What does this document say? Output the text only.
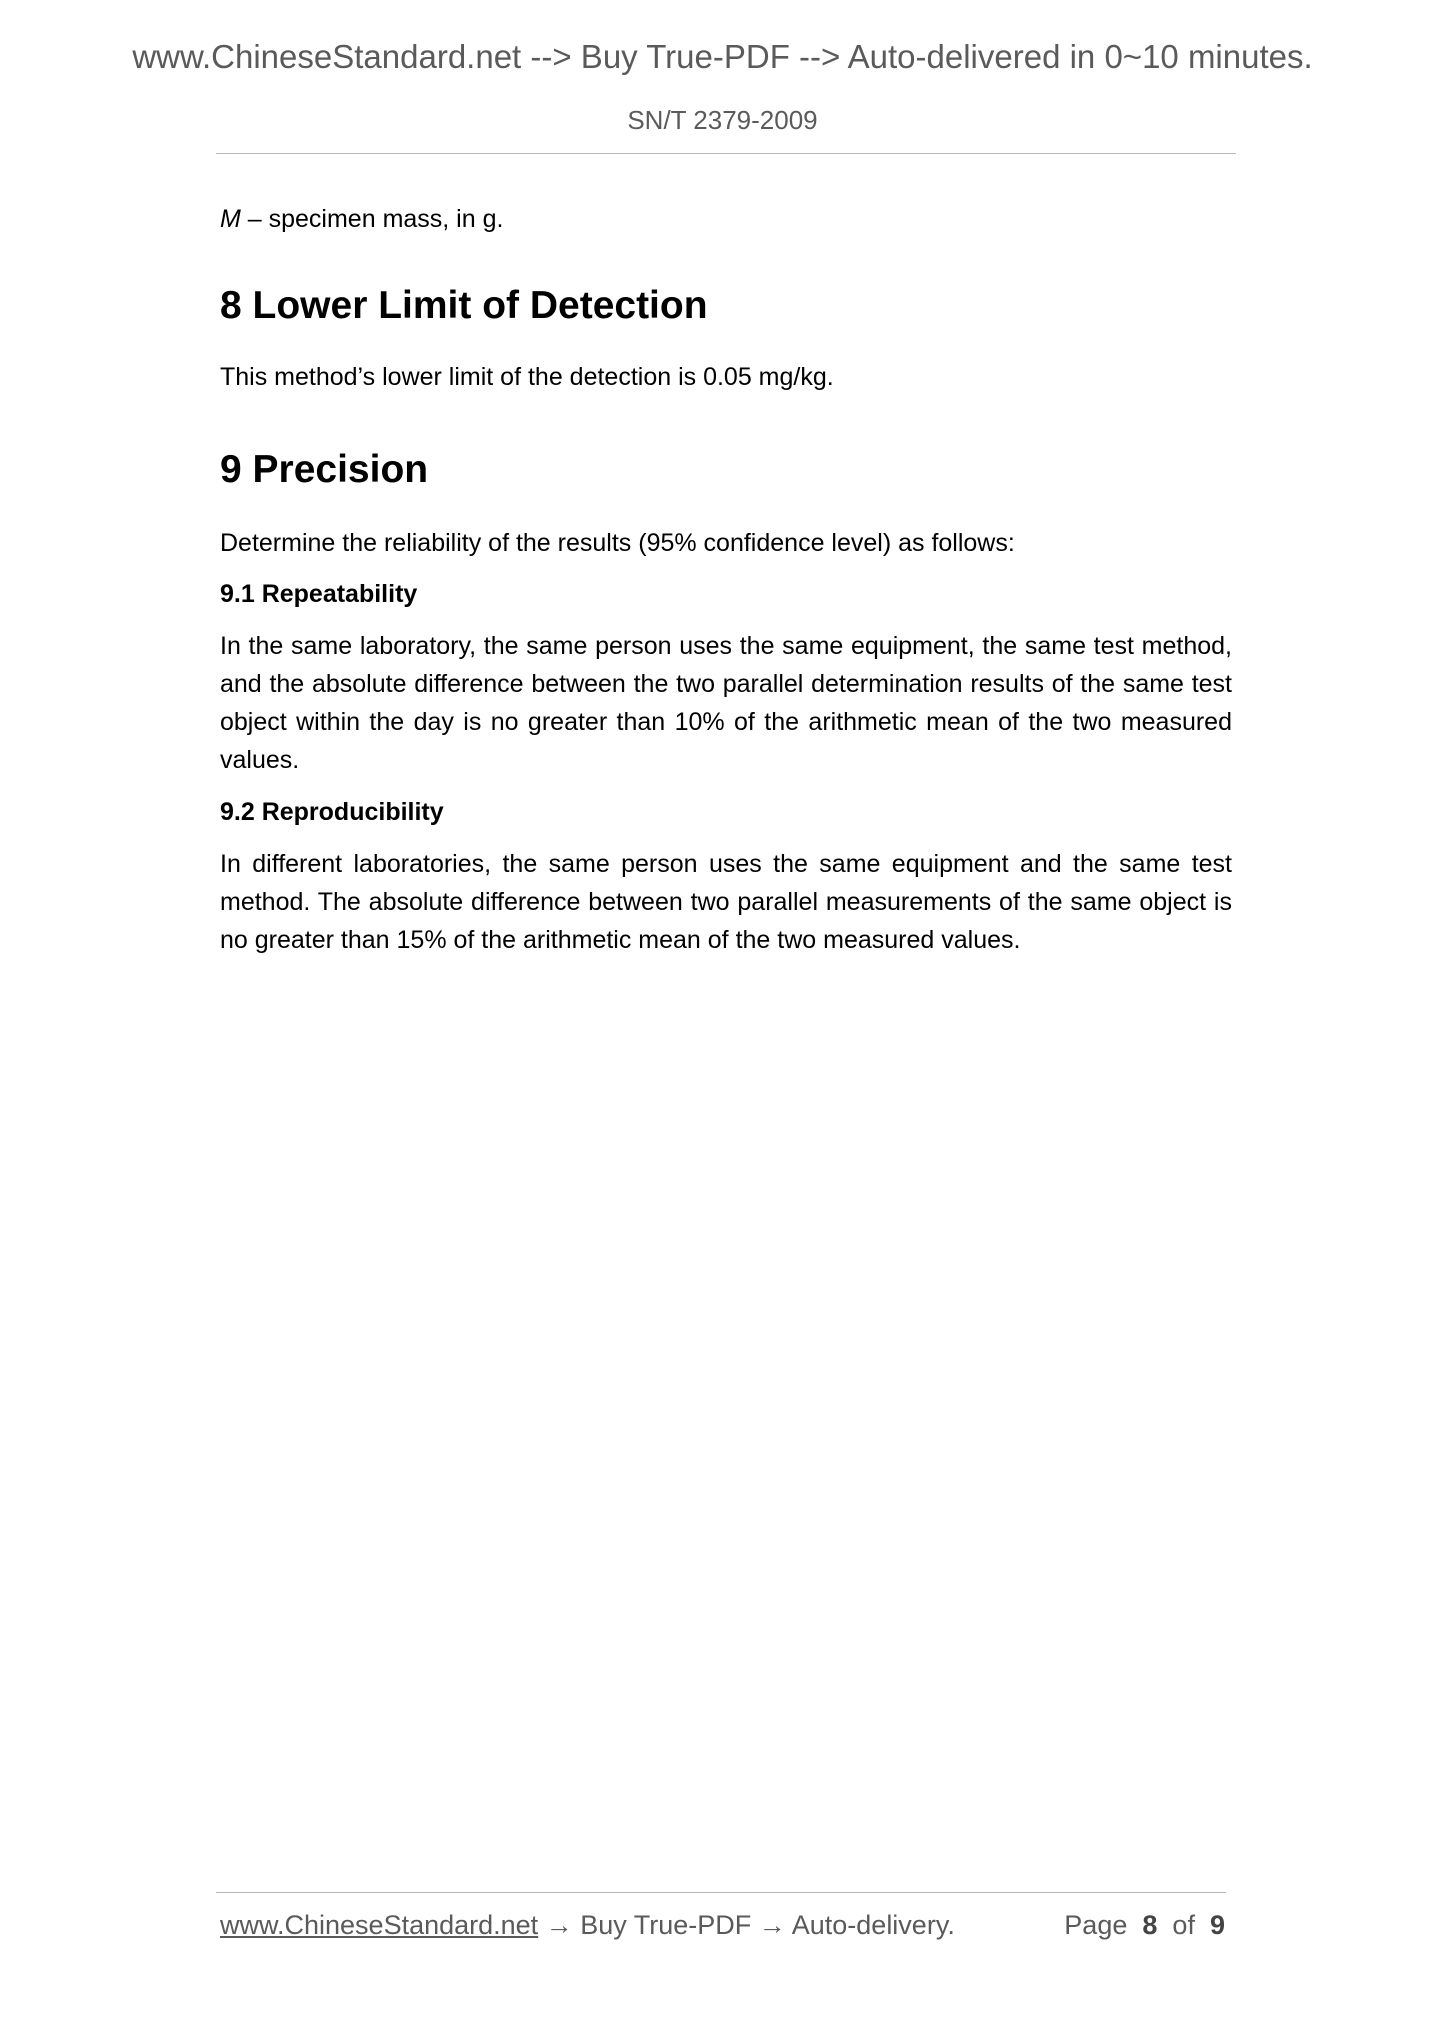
www.ChineseStandard.net --> Buy True-PDF --> Auto-delivered in 0~10 minutes.
SN/T 2379-2009

M – specimen mass, in g.

8 Lower Limit of Detection

This method’s lower limit of the detection is 0.05 mg/kg.

9 Precision

Determine the reliability of the results (95% confidence level) as follows:

9.1 Repeatability

In the same laboratory, the same person uses the same equipment, the same test method, and the absolute difference between the two parallel determination results of the same test object within the day is no greater than 10% of the arithmetic mean of the two measured values.

9.2 Reproducibility

In different laboratories, the same person uses the same equipment and the same test method. The absolute difference between two parallel measurements of the same object is no greater than 15% of the arithmetic mean of the two measured values.

www.ChineseStandard.net → Buy True-PDF → Auto-delivery.	Page 8 of 9
